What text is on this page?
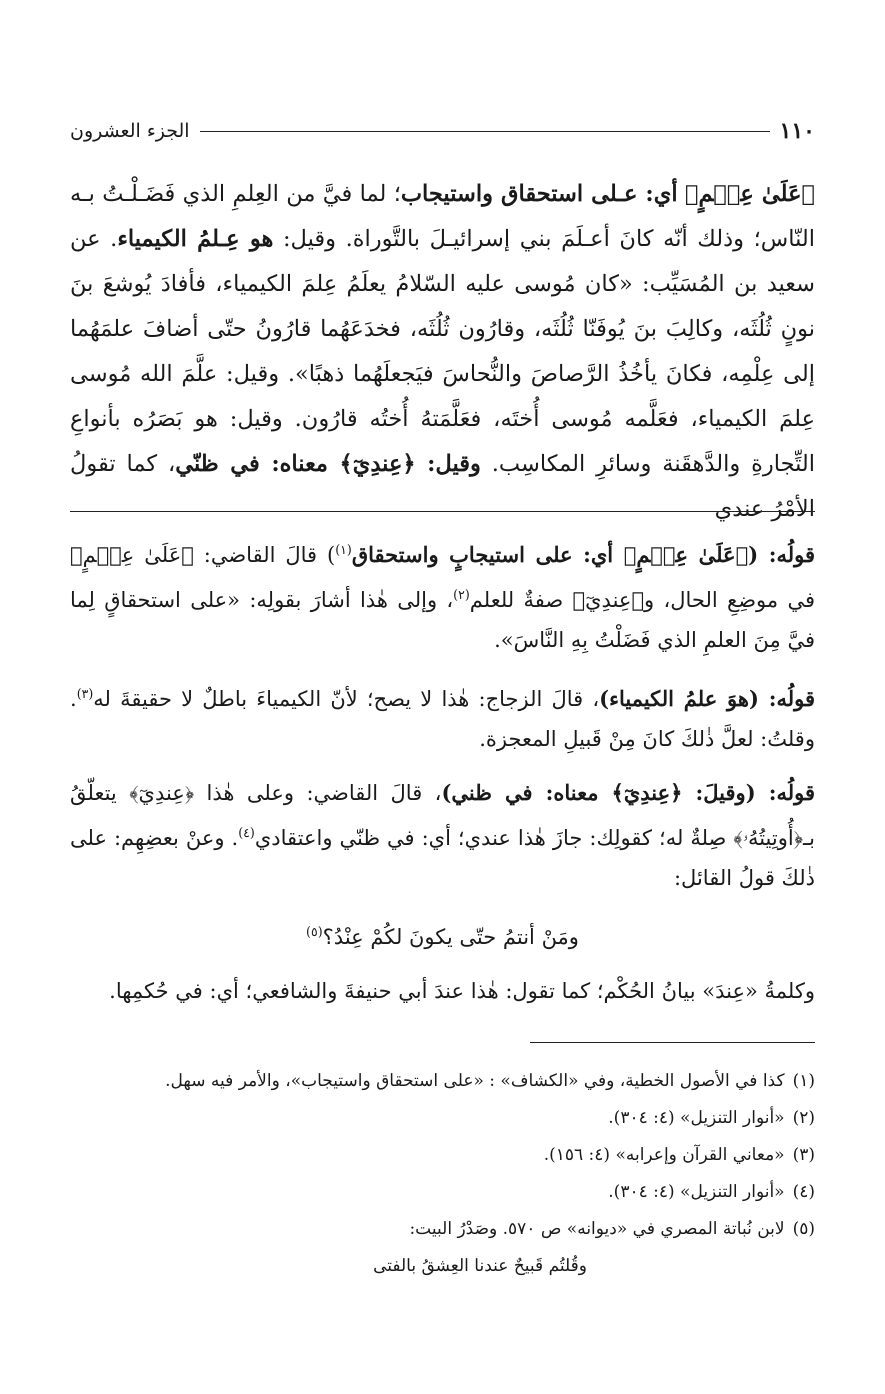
١١٠
الجزء العشرون

﴿عَلَىٰ عِلۡمٍ﴾ أي: عـلى استحقاق واستيجاب؛ لما فيَّ من العِلمِ الذي فَضَـلْـتُ بـه النّاس؛ وذلك أنّه كانَ أعـلَمَ بني إسرائيـلَ بالتَّوراة. وقيل: هو عِـلمُ الكيمياء. عن سعيد بن المُسَيِّب: «كان مُوسى عليه السّلامُ يعلَمُ عِلمَ الكيمياء، فأفادَ يُوشعَ بنَ نونٍ ثُلُثَه، وكالِبَ بنَ يُوفَنّا ثُلُثَه، وقارُون ثُلُثَه، فخدَعَهُما قارُونُ حتّى أضافَ علمَهُما إلى عِلْمِه، فكانَ يأخُذُ الرَّصاصَ والنُّحاسَ فيَجعلَهُما ذهبًا». وقيل: علَّمَ الله مُوسى عِلمَ الكيمياء، فعَلَّمه مُوسى أُختَه، فعَلَّمَتهُ أُختُه قارُون. وقيل: هو بَصَرُه بأنواعِ التِّجارةِ والدَّهقَنة وسائرِ المكاسِب. وقيل: ﴿عِندِيٓ﴾ معناه: في ظنّي، كما تقولُ الأمْرُ عندي

قولُه: (﴿عَلَىٰ عِلۡمٍ﴾ أي: على استيجابٍ واستحقاق$^{(١)}$) قالَ القاضي: ﴿عَلَىٰ عِلۡمٍ﴾ في موضِعِ الحال، و﴿عِندِيٓ﴾ صفةٌ للعلم$^{(٢)}$، وإلى هٰذا أشارَ بقولِه: «على استحقاقٍ لِما فيَّ مِنَ العلمِ الذي فَضَلْتُ بِهِ النَّاسَ».

قولُه: (هوَ علمُ الكيمياء)، قالَ الزجاج: هٰذا لا يصح؛ لأنّ الكيمياءَ باطلٌ لا حقيقةَ له$^{(٣)}$. وقلتُ: لعلَّ ذٰلكَ كانَ مِنْ قَبيلِ المعجزة.

قولُه: (وقيلَ: ﴿عِندِيٓ﴾ معناه: في ظني)، قالَ القاضي: وعلى هٰذا ﴿عِندِيٓ﴾ يتعلّقُ بـ﴿أُوتِيتُهُۥ﴾ صِلةٌ له؛ كقولِك: جازَ هٰذا عندي؛ أي: في ظنّي واعتقادي$^{(٤)}$. وعنْ بعضِهِم: على ذٰلكَ قولُ القائل:

ومَنْ أنتمُ حتّى يكونَ لكُمْ عِنْدُ؟$^{(٥)}$

وكلمةُ «عِندَ» بيانُ الحُكْم؛ كما تقول: هٰذا عندَ أبي حنيفةَ والشافعي؛ أي: في حُكمِها.

(١)
كذا في الأصول الخطية، وفي «الكشاف» : «على استحقاق واستيجاب»، والأمر فيه سهل.
(٢)
«أنوار التنزيل» (٤: ٣٠٤).
(٣)
«معاني القرآن وإعرابه» (٤: ١٥٦).
(٤)
«أنوار التنزيل» (٤: ٣٠٤).
(٥)
لابن نُباتة المصري في «ديوانه» ص ٥٧٠. وصَدْرُ البيت:
وقُلتُم قَبيحٌ عندنا العِشقُ بالفتى
